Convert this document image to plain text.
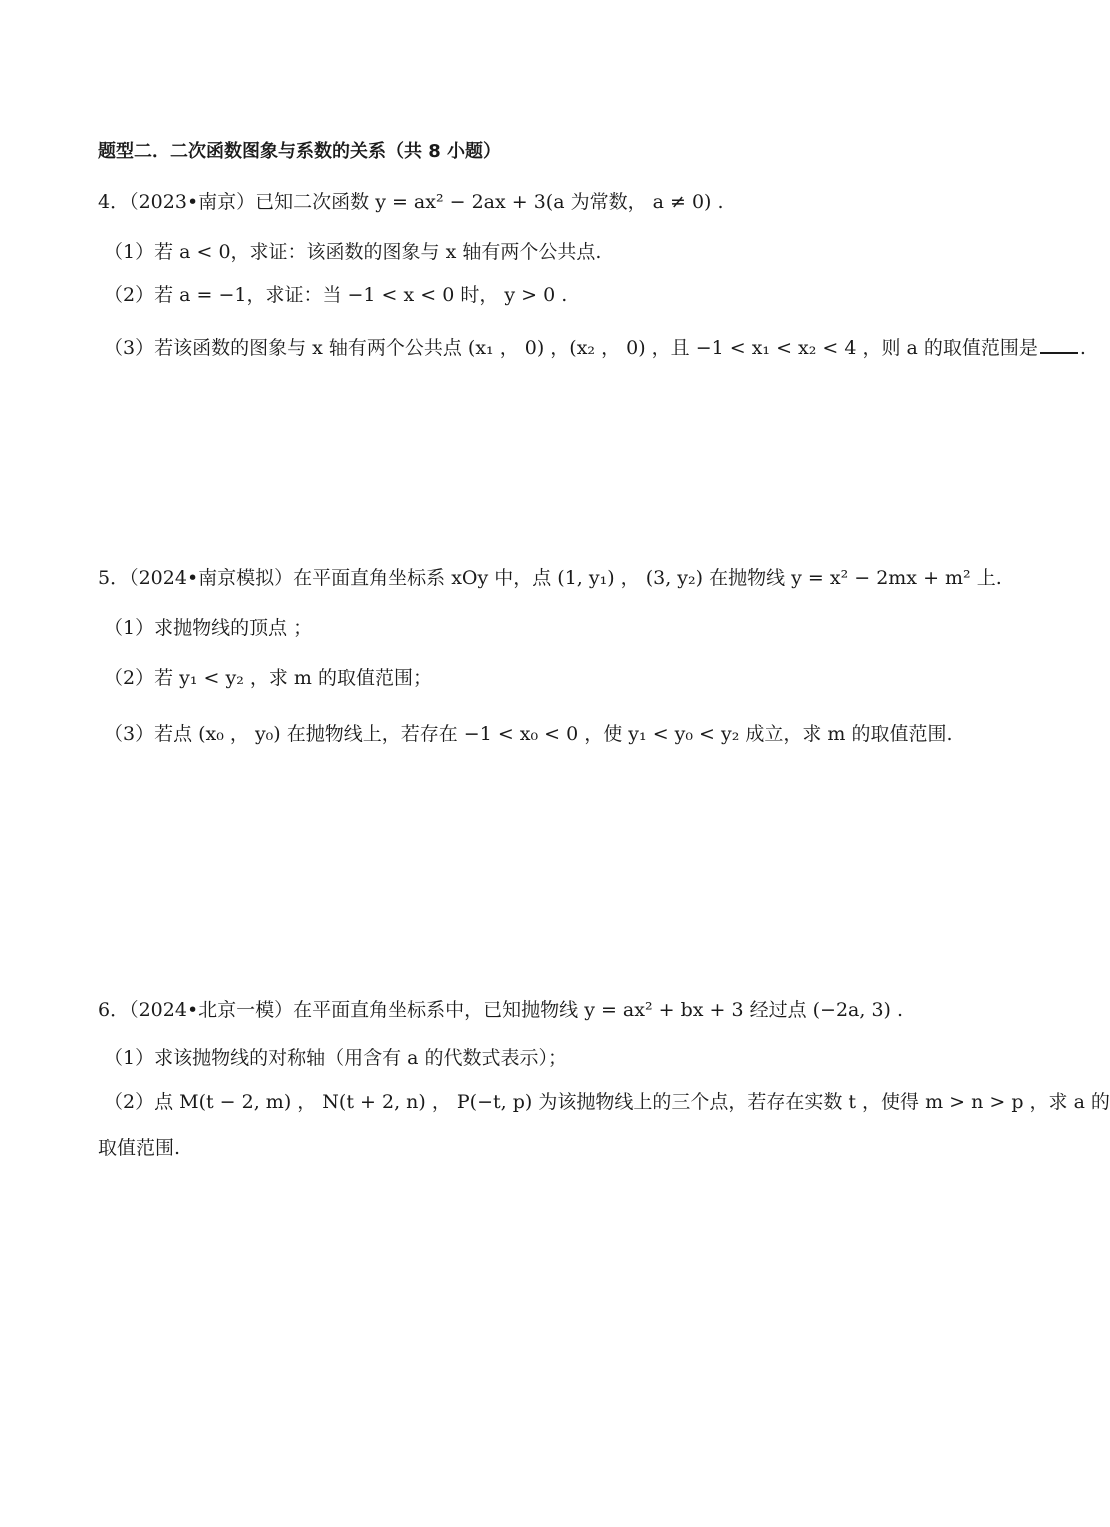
题型二．二次函数图象与系数的关系（共 8 小题）
4．（2023•南京）已知二次函数 y = ax² − 2ax + 3(a 为常数， a ≠ 0) .
（1）若 a < 0，求证：该函数的图象与 x 轴有两个公共点.
（2）若 a = −1，求证：当 −1 < x < 0 时， y > 0 .
（3）若该函数的图象与 x 轴有两个公共点 (x₁ ， 0) ，(x₂ ， 0) ，且 −1 < x₁ < x₂ < 4 ，则 a 的取值范围是 .
5．（2024•南京模拟）在平面直角坐标系 xOy 中，点 (1, y₁) ， (3, y₂) 在抛物线 y = x² − 2mx + m² 上.
（1）求抛物线的顶点 ；
（2）若 y₁ < y₂ ，求 m 的取值范围；
（3）若点 (x₀ ， y₀) 在抛物线上，若存在 −1 < x₀ < 0 ，使 y₁ < y₀ < y₂ 成立，求 m 的取值范围.
6．（2024•北京一模）在平面直角坐标系中，已知抛物线 y = ax² + bx + 3 经过点 (−2a, 3) .
（1）求该抛物线的对称轴（用含有 a 的代数式表示）；
（2）点 M(t − 2, m) ， N(t + 2, n) ， P(−t, p) 为该抛物线上的三个点，若存在实数 t ，使得 m > n > p ，求 a 的
取值范围.
